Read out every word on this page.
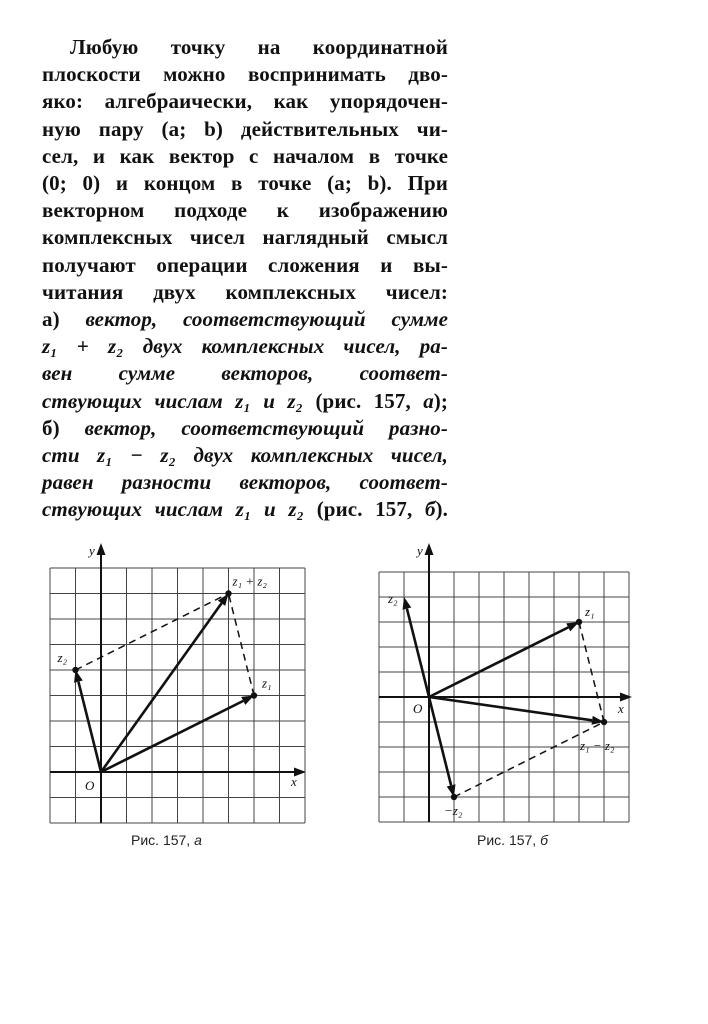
Любую точку на координатной
плоскости можно воспринимать дво-
яко: алгебраически, как упорядочен-
ную пару (a; b) действительных чи-
сел, и как вектор с началом в точке
(0; 0) и концом в точке (a; b). При
векторном подходе к изображению
комплексных чисел наглядный смысл
получают операции сложения и вы-
читания двух комплексных чисел:
а) вектор, соответствующий сумме
z₁ + z₂ двух комплексных чисел, ра-
вен сумме векторов, соответ-
ствующих числам z₁ и z₂ (рис. 157, а);
б) вектор, соответствующий разно-
сти z₁ − z₂ двух комплексных чисел,
равен разности векторов, соответ-
ствующих числам z₁ и z₂ (рис. 157, б).
y
x
O
z₁
z₂
z₁ + z₂
Рис. 157, а
y
x
O
z₁
z₂
−z₂
z₁ − z₂
Рис. 157, б
